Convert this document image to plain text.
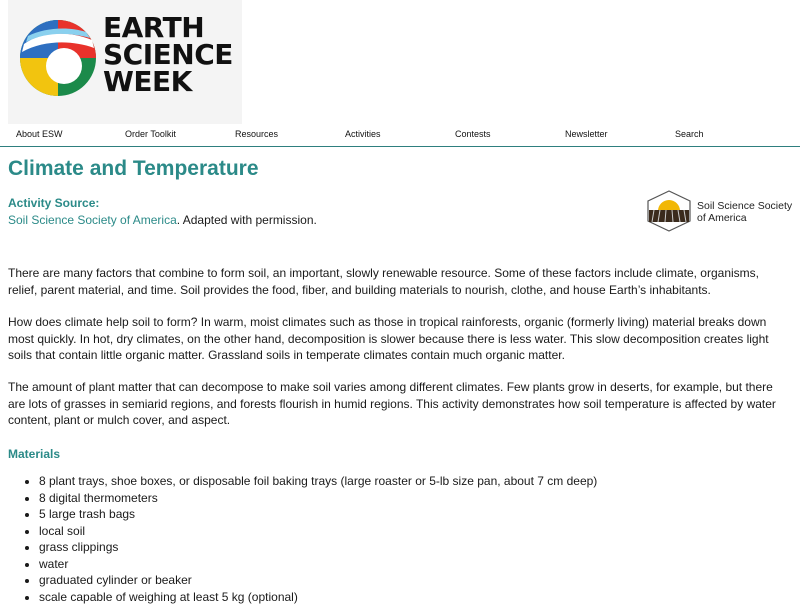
EARTH
SCIENCE
WEEK
About ESW	Order Toolkit	Resources	Activities	Contests	Newsletter	Search
Climate and Temperature
Activity Source:
Soil Science Society of America. Adapted with permission.
Soil Science Society
of America

There are many factors that combine to form soil, an important, slowly renewable resource. Some of these factors include climate, organisms, relief, parent material, and time. Soil provides the food, fiber, and building materials to nourish, clothe, and house Earth’s inhabitants.

How does climate help soil to form? In warm, moist climates such as those in tropical rainforests, organic (formerly living) material breaks down most quickly. In hot, dry climates, on the other hand, decomposition is slower because there is less water. This slow decomposition creates light soils that contain little organic matter. Grassland soils in temperate climates contain much organic matter.

The amount of plant matter that can decompose to make soil varies among different climates. Few plants grow in deserts, for example, but there are lots of grasses in semiarid regions, and forests flourish in humid regions. This activity demonstrates how soil temperature is affected by water content, plant or mulch cover, and aspect.

Materials
• 8 plant trays, shoe boxes, or disposable foil baking trays (large roaster or 5-lb size pan, about 7 cm deep)
• 8 digital thermometers
• 5 large trash bags
• local soil
• grass clippings
• water
• graduated cylinder or beaker
• scale capable of weighing at least 5 kg (optional)
